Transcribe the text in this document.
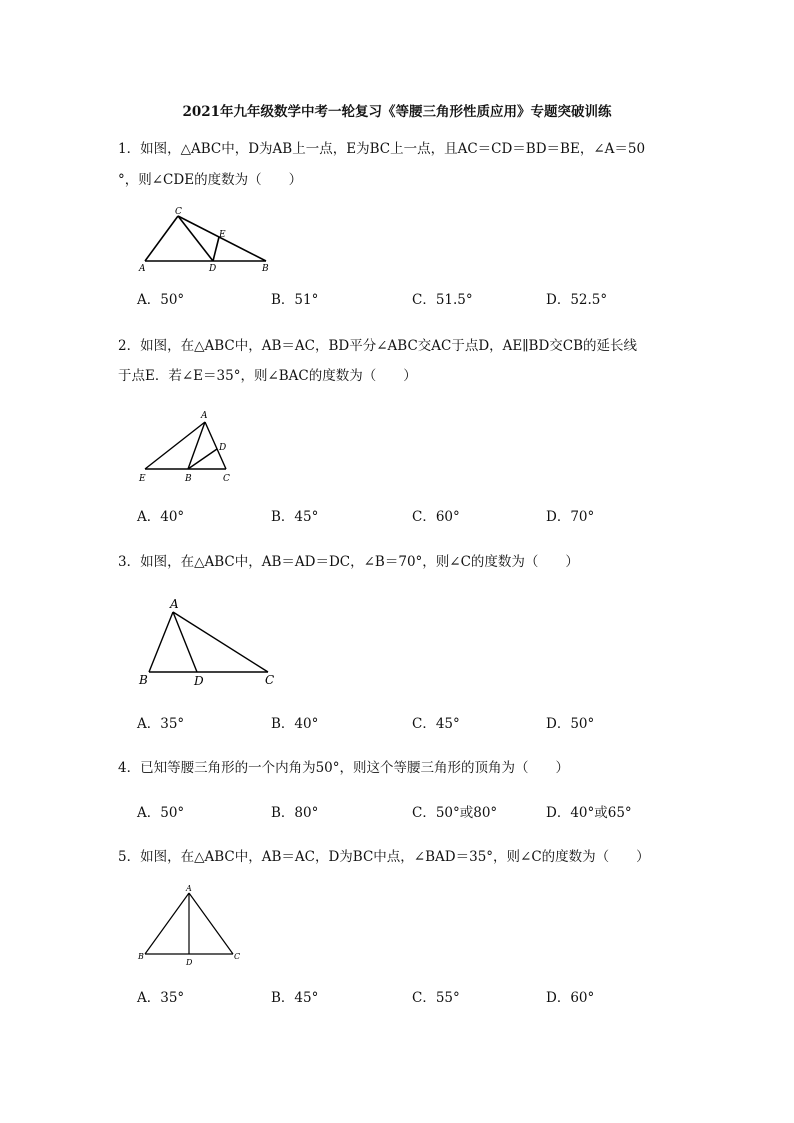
2021年九年级数学中考一轮复习《等腰三角形性质应用》专题突破训练
1．如图，△ABC中，D为AB上一点，E为BC上一点，且AC＝CD＝BD＝BE，∠A＝50
°，则∠CDE的度数为（　　）
A
C
E
D	B
A．50°	B．51°	C．51.5°	D．52.5°
2．如图，在△ABC中，AB＝AC，BD平分∠ABC交AC于点D，AE∥BD交CB的延长线
于点E．若∠E＝35°，则∠BAC的度数为（　　）
A
D
E	B	C
A．40°	B．45°	C．60°	D．70°
3．如图，在△ABC中，AB＝AD＝DC，∠B＝70°，则∠C的度数为（　　）
A
B	D	C
A．35°	B．40°	C．45°	D．50°
4．已知等腰三角形的一个内角为50°，则这个等腰三角形的顶角为（　　）
A．50°	B．80°	C．50°或80°	D．40°或65°
5．如图，在△ABC中，AB＝AC，D为BC中点，∠BAD＝35°，则∠C的度数为（　　）
A
B
D
C
A．35°	B．45°	C．55°	D．60°
